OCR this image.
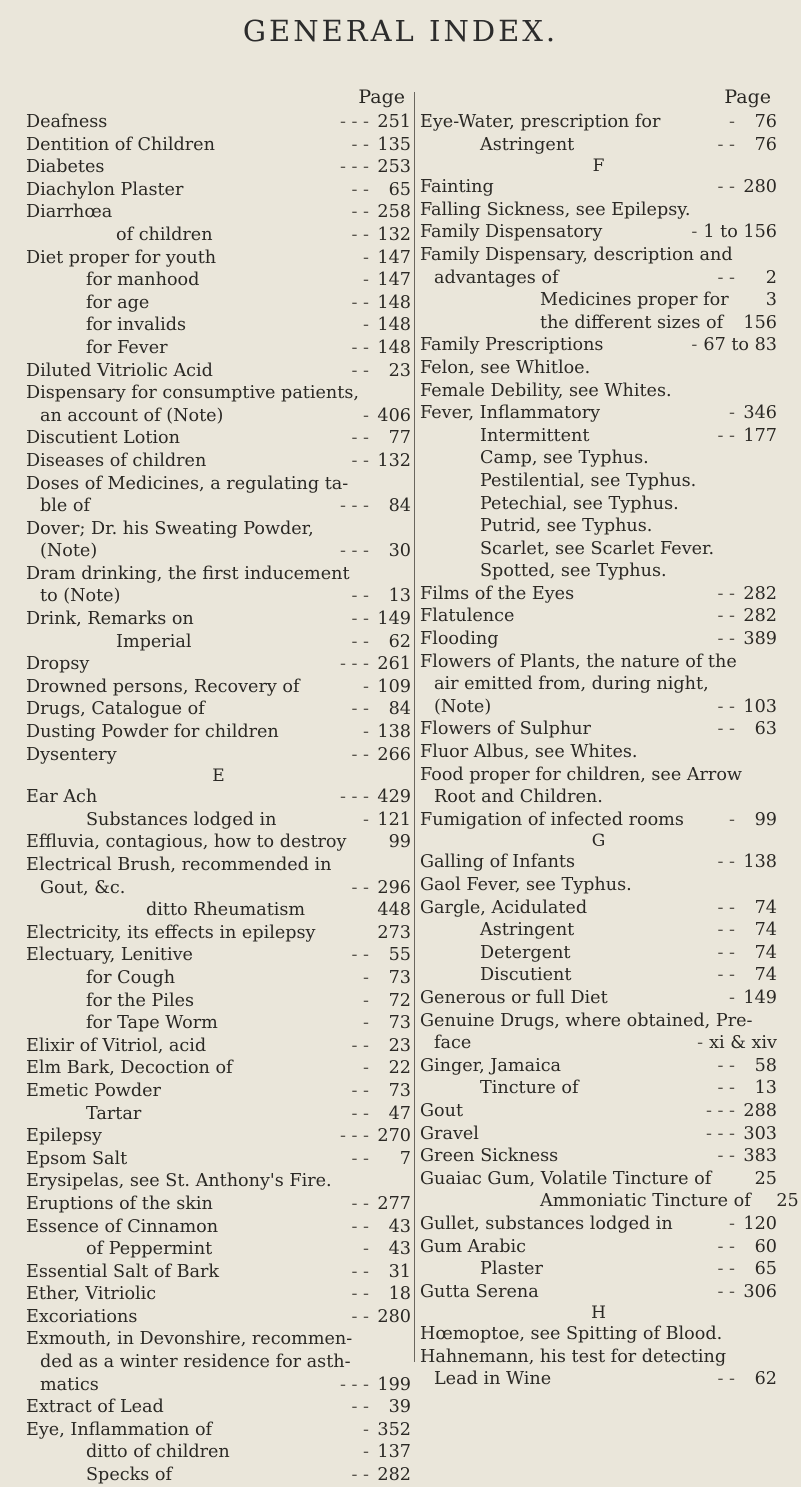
GENERAL INDEX.
Page
Deafness	- - - 251
Dentition of Children	- - 135
Diabetes	- - - 253
Diachylon Plaster	- -	65
Diarrhœa	- - 258
of children	- - 132
Diet proper for youth	- 147
for manhood	- 147
for age	- - 148
for invalids	- 148
for Fever	- - 148
Diluted Vitriolic Acid	- -	23
Dispensary for consumptive patients,
an account of (Note)	- 406
Discutient Lotion	- -	77
Diseases of children	- - 132
Doses of Medicines, a regulating ta-
ble of	- - -	84
Dover; Dr. his Sweating Powder,
(Note)	- - -	30
Dram drinking, the first inducement
to (Note)	- -	13
Drink, Remarks on	- - 149
Imperial	- -	62
Dropsy	- - - 261
Drowned persons, Recovery of	- 109
Drugs, Catalogue of	- -	84
Dusting Powder for children	- 138
Dysentery	- - 266
E
Ear Ach	- - - 429
Substances lodged in	- 121
Effluvia, contagious, how to destroy	99
Electrical Brush, recommended in
Gout, &c.	- - 296
ditto Rheumatism	448
Electricity, its effects in epilepsy	273
Electuary, Lenitive	- -	55
for Cough	-	73
for the Piles	-	72
for Tape Worm	-	73
Elixir of Vitriol, acid	- -	23
Elm Bark, Decoction of	-	22
Emetic Powder	- -	73
Tartar	- -	47
Epilepsy	- - - 270
Epsom Salt	- -	7
Erysipelas, see St. Anthony's Fire.
Eruptions of the skin	- - 277
Essence of Cinnamon	- -	43
of Peppermint	-	43
Essential Salt of Bark	- -	31
Ether, Vitriolic	- -	18
Excoriations	- - 280
Exmouth, in Devonshire, recommen-
ded as a winter residence for asth-
matics	- - - 199
Extract of Lead	- -	39
Eye, Inflammation of	- 352
ditto of children	- 137
Specks of	- - 282
Page
Eye-Water, prescription for	-	76
Astringent	- -	76
F
Fainting	- - 280
Falling Sickness, see Epilepsy.
Family Dispensatory	- 1 to 156
Family Dispensary, description and
advantages of	- -	2
Medicines proper for	3
the different sizes of 156
Family Prescriptions	- 67 to 83
Felon, see Whitloe.
Female Debility, see Whites.
Fever, Inflammatory	- 346
Intermittent	- - 177
Camp, see Typhus.
Pestilential, see Typhus.
Petechial, see Typhus.
Putrid, see Typhus.
Scarlet, see Scarlet Fever.
Spotted, see Typhus.
Films of the Eyes	- - 282
Flatulence	- - 282
Flooding	- - 389
Flowers of Plants, the nature of the
air emitted from, during night,
(Note)	- - 103
Flowers of Sulphur	- -	63
Fluor Albus, see Whites.
Food proper for children, see Arrow
Root and Children.
Fumigation of infected rooms	-	99
G
Galling of Infants	- - 138
Gaol Fever, see Typhus.
Gargle, Acidulated	- -	74
Astringent	- -	74
Detergent	- -	74
Discutient	- -	74
Generous or full Diet	- 149
Genuine Drugs, where obtained, Pre-
face	- xi & xiv
Ginger, Jamaica	- -	58
Tincture of	- -	13
Gout	- - - 288
Gravel	- - - 303
Green Sickness	- - 383
Guaiac Gum, Volatile Tincture of	25
Ammoniatic Tincture of	25
Gullet, substances lodged in	- 120
Gum Arabic	- -	60
Plaster	- -	65
Gutta Serena	- - 306
H
Hœmoptoe, see Spitting of Blood.
Hahnemann, his test for detecting
Lead in Wine	- -	62
